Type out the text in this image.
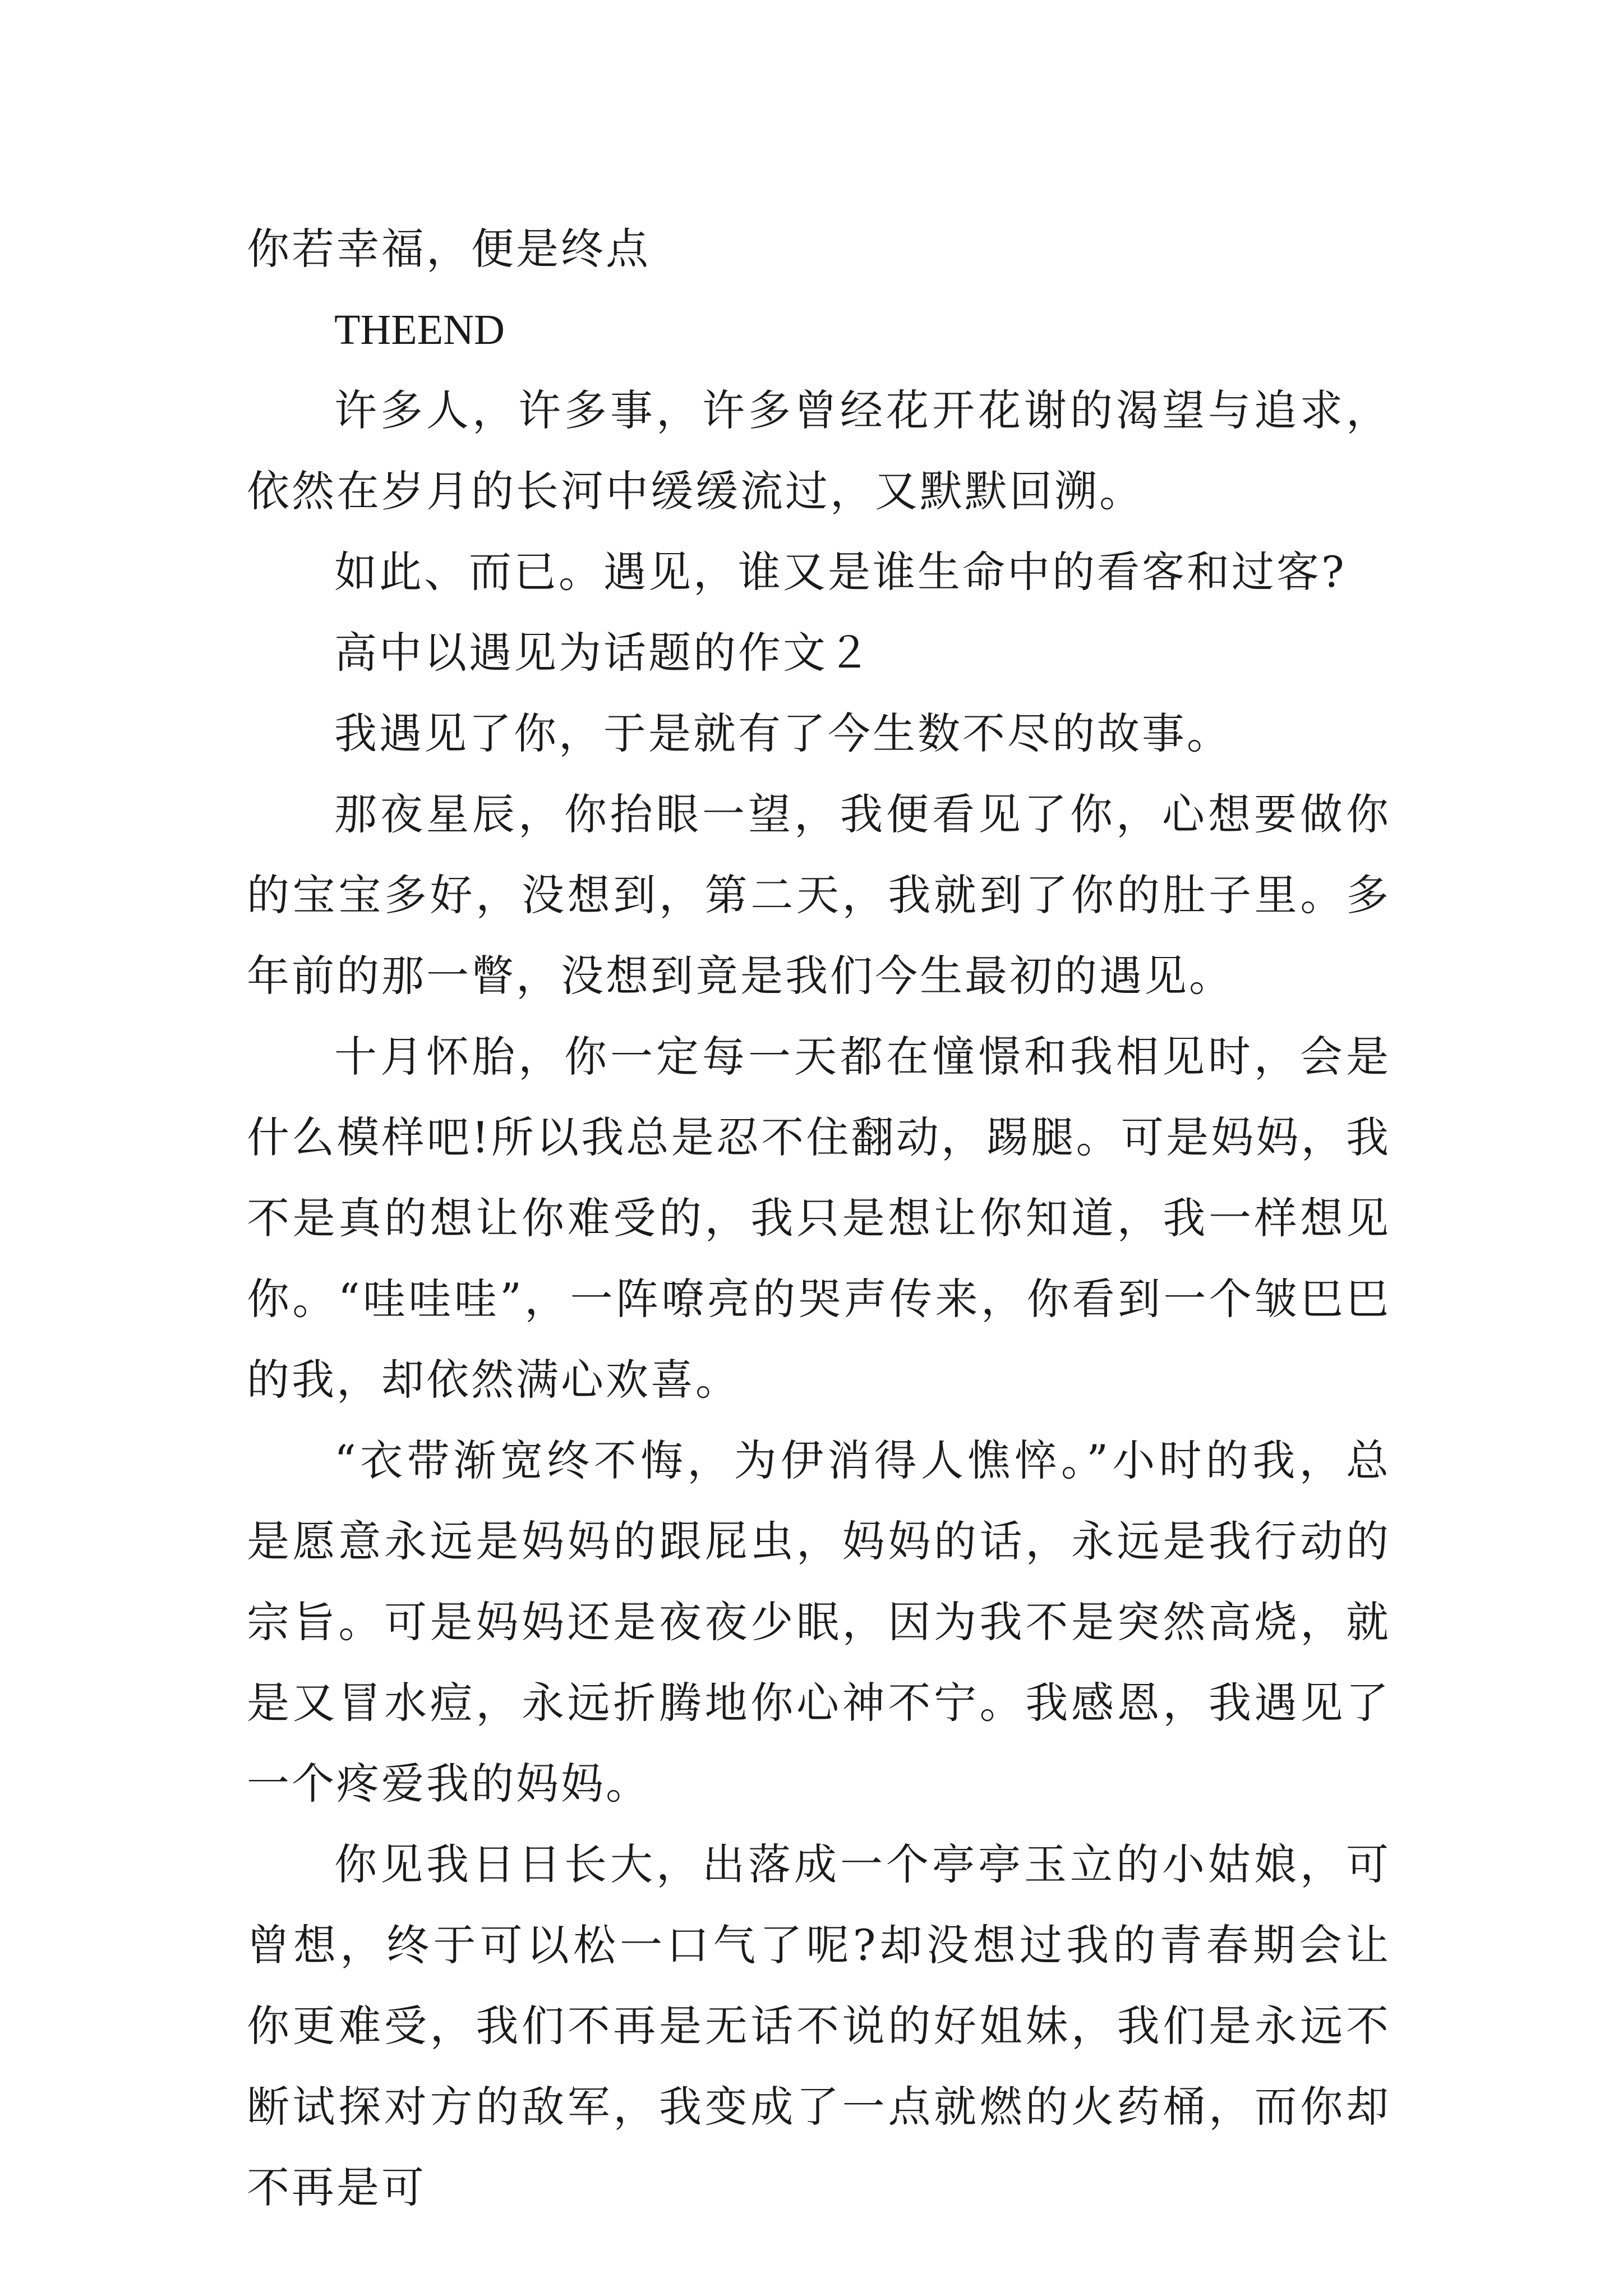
你若幸福，便是终点

THEEND

许多人，许多事，许多曾经花开花谢的渴望与追求，依然在岁月的长河中缓缓流过，又默默回溯。

如此、而已。遇见，谁又是谁生命中的看客和过客?

高中以遇见为话题的作文２

我遇见了你，于是就有了今生数不尽的故事。

那夜星辰，你抬眼一望，我便看见了你，心想要做你的宝宝多好，没想到，第二天，我就到了你的肚子里。多年前的那一瞥，没想到竟是我们今生最初的遇见。

十月怀胎，你一定每一天都在憧憬和我相见时，会是什么模样吧!所以我总是忍不住翻动，踢腿。可是妈妈，我不是真的想让你难受的，我只是想让你知道，我一样想见你。“哇哇哇”，一阵嘹亮的哭声传来，你看到一个皱巴巴的我，却依然满心欢喜。

“衣带渐宽终不悔，为伊消得人憔悴。”小时的我，总是愿意永远是妈妈的跟屁虫，妈妈的话，永远是我行动的宗旨。可是妈妈还是夜夜少眠，因为我不是突然高烧，就是又冒水痘，永远折腾地你心神不宁。我感恩，我遇见了一个疼爱我的妈妈。

你见我日日长大，出落成一个亭亭玉立的小姑娘，可曾想，终于可以松一口气了呢?却没想过我的青春期会让你更难受，我们不再是无话不说的好姐妹，我们是永远不断试探对方的敌军，我变成了一点就燃的火药桶，而你却不再是可
